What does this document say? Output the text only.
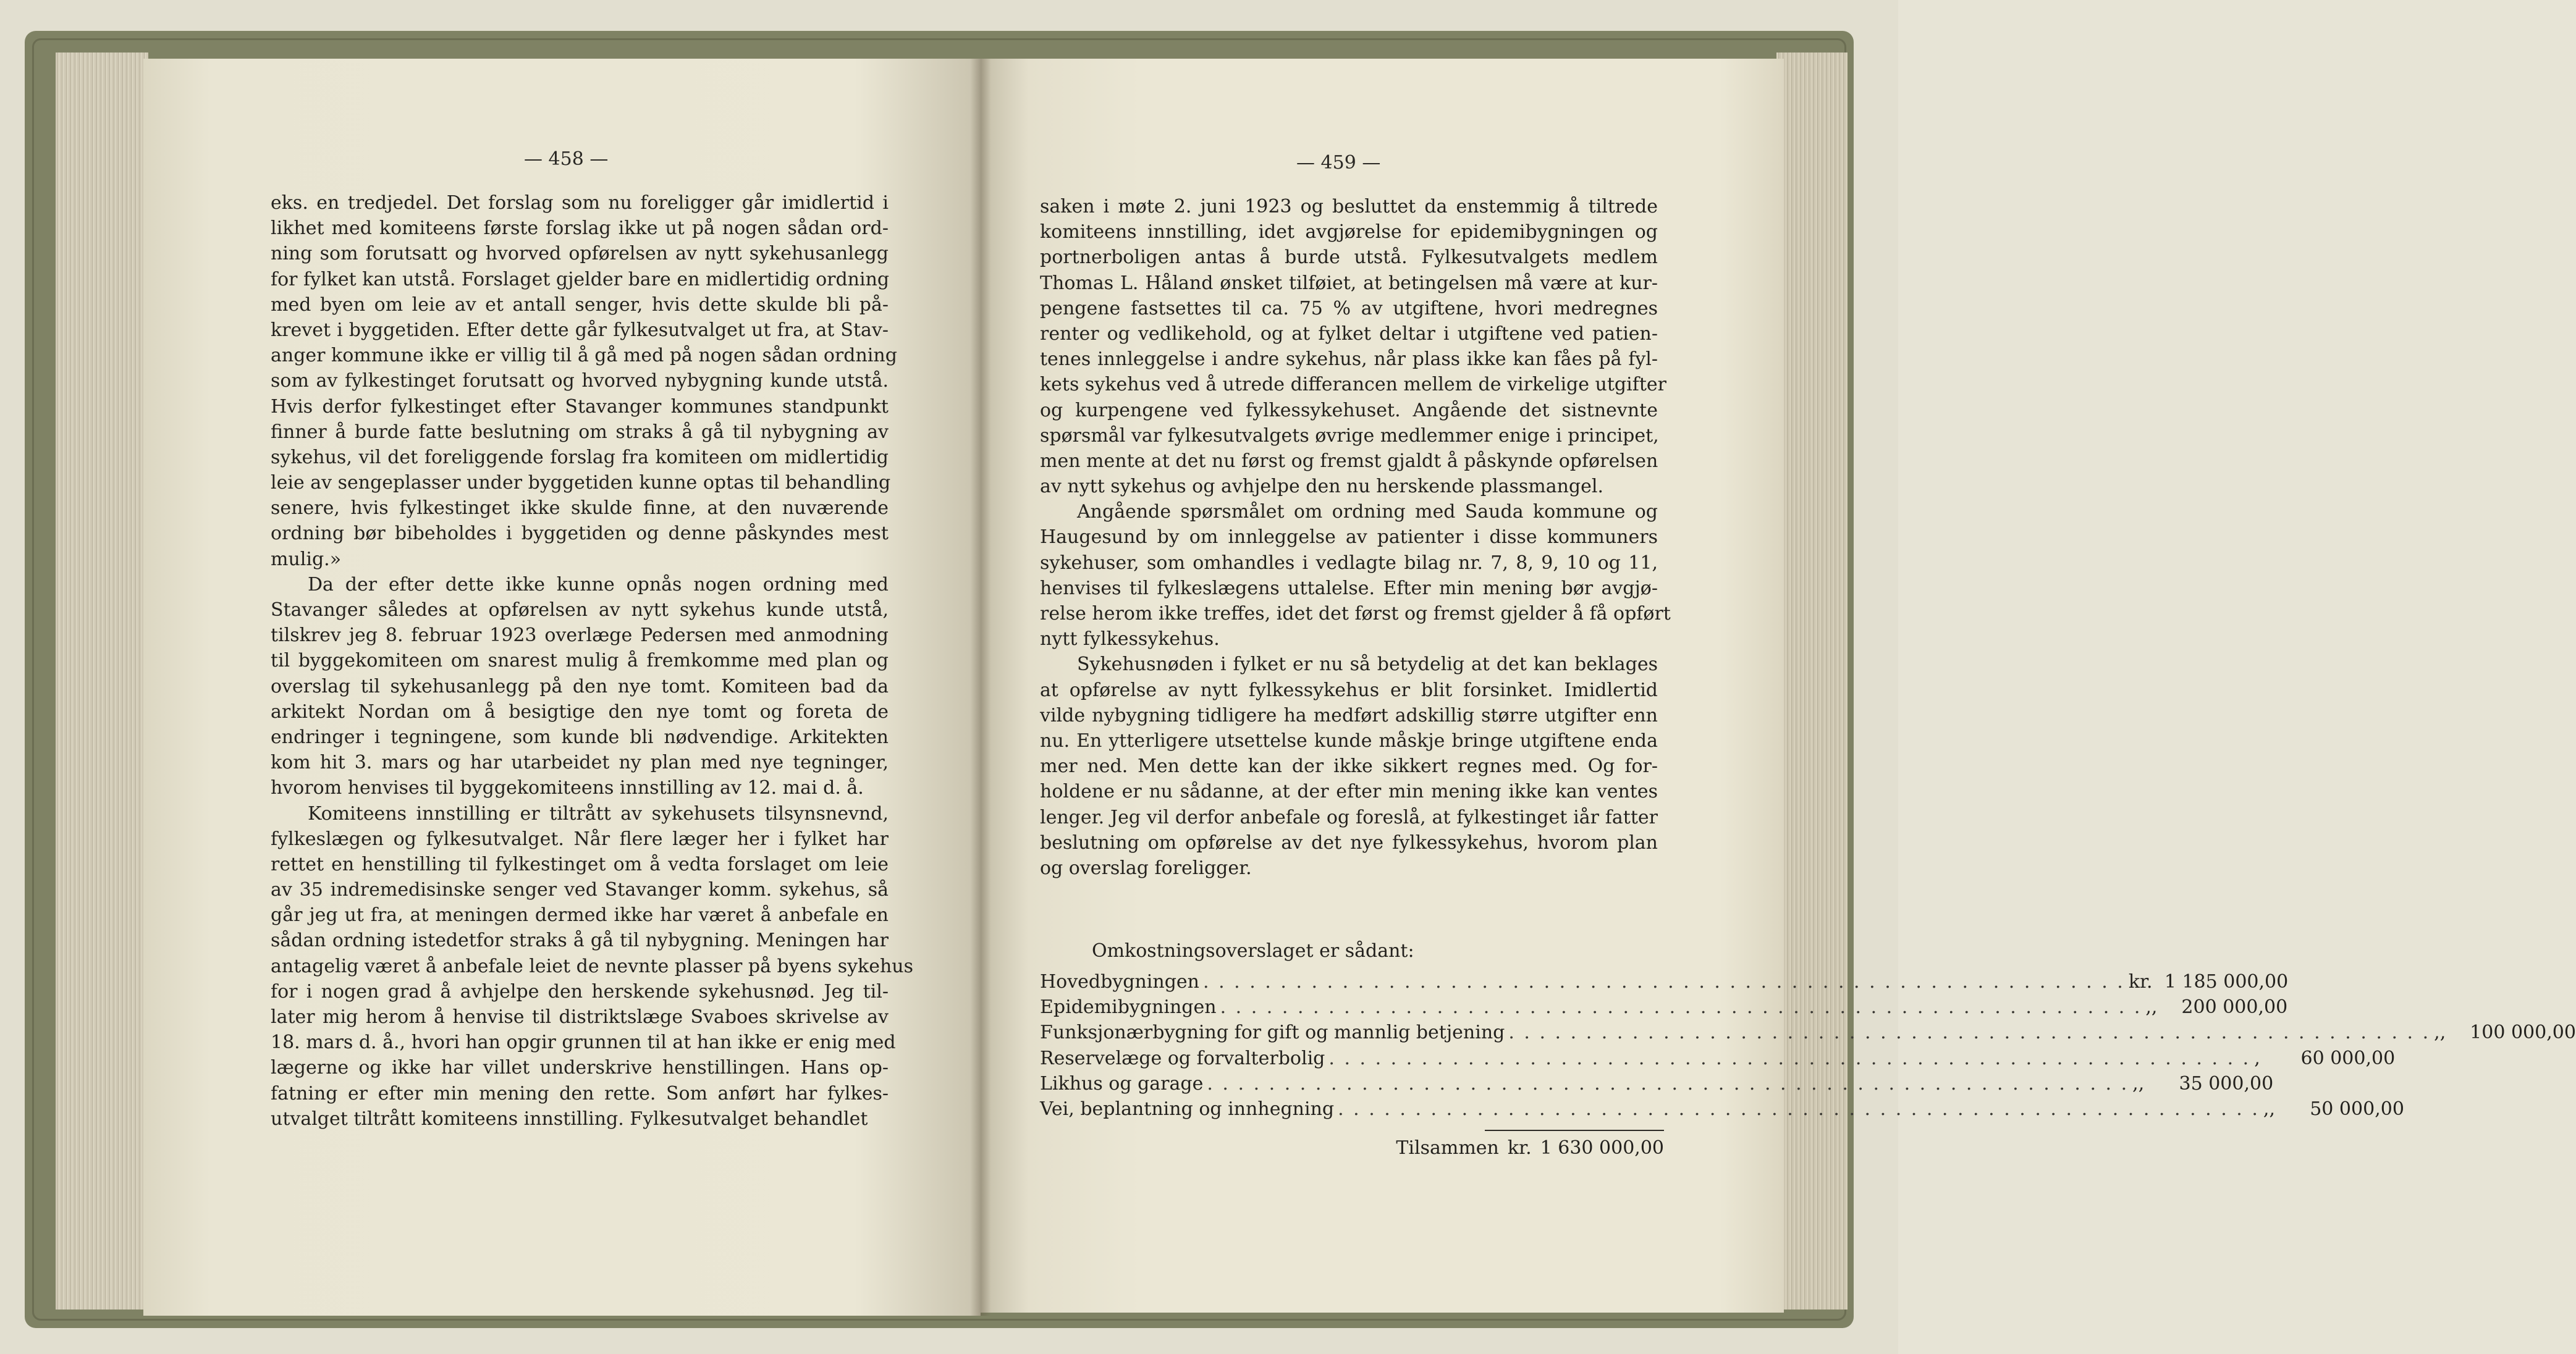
— 458 —	— 459 —
eks. en tredjedel. Det forslag som nu foreligger går imidlertid i
likhet med komiteens første forslag ikke ut på nogen sådan ord-
ning som forutsatt og hvorved opførelsen av nytt sykehusanlegg
for fylket kan utstå. Forslaget gjelder bare en midlertidig ordning
med byen om leie av et antall senger, hvis dette skulde bli på-
krevet i byggetiden. Efter dette går fylkesutvalget ut fra, at Stav-
anger kommune ikke er villig til å gå med på nogen sådan ordning
som av fylkestinget forutsatt og hvorved nybygning kunde utstå.
Hvis derfor fylkestinget efter Stavanger kommunes standpunkt
finner å burde fatte beslutning om straks å gå til nybygning av
sykehus, vil det foreliggende forslag fra komiteen om midlertidig
leie av sengeplasser under byggetiden kunne optas til behandling
senere, hvis fylkestinget ikke skulde finne, at den nuværende
ordning bør bibeholdes i byggetiden og denne påskyndes mest
mulig.»
Da der efter dette ikke kunne opnås nogen ordning med
Stavanger således at opførelsen av nytt sykehus kunde utstå,
tilskrev jeg 8. februar 1923 overlæge Pedersen med anmodning
til byggekomiteen om snarest mulig å fremkomme med plan og
overslag til sykehusanlegg på den nye tomt. Komiteen bad da
arkitekt Nordan om å besigtige den nye tomt og foreta de
endringer i tegningene, som kunde bli nødvendige. Arkitekten
kom hit 3. mars og har utarbeidet ny plan med nye tegninger,
hvorom henvises til byggekomiteens innstilling av 12. mai d. å.
Komiteens innstilling er tiltrått av sykehusets tilsynsnevnd,
fylkeslægen og fylkesutvalget. Når flere læger her i fylket har
rettet en henstilling til fylkestinget om å vedta forslaget om leie
av 35 indremedisinske senger ved Stavanger komm. sykehus, så
går jeg ut fra, at meningen dermed ikke har været å anbefale en
sådan ordning istedetfor straks å gå til nybygning. Meningen har
antagelig været å anbefale leiet de nevnte plasser på byens sykehus
for i nogen grad å avhjelpe den herskende sykehusnød. Jeg til-
later mig herom å henvise til distriktslæge Svaboes skrivelse av
18. mars d. å., hvori han opgir grunnen til at han ikke er enig med
lægerne og ikke har villet underskrive henstillingen. Hans op-
fatning er efter min mening den rette. Som anført har fylkes-
utvalget tiltrått komiteens innstilling. Fylkesutvalget behandlet
saken i møte 2. juni 1923 og besluttet da enstemmig å tiltrede
komiteens innstilling, idet avgjørelse for epidemibygningen og
portnerboligen antas å burde utstå. Fylkesutvalgets medlem
Thomas L. Håland ønsket tilføiet, at betingelsen må være at kur-
pengene fastsettes til ca. 75 % av utgiftene, hvori medregnes
renter og vedlikehold, og at fylket deltar i utgiftene ved patien-
tenes innleggelse i andre sykehus, når plass ikke kan fåes på fyl-
kets sykehus ved å utrede differancen mellem de virkelige utgifter
og kurpengene ved fylkessykehuset. Angående det sistnevnte
spørsmål var fylkesutvalgets øvrige medlemmer enige i principet,
men mente at det nu først og fremst gjaldt å påskynde opførelsen
av nytt sykehus og avhjelpe den nu herskende plassmangel.
Angående spørsmålet om ordning med Sauda kommune og
Haugesund by om innleggelse av patienter i disse kommuners
sykehuser, som omhandles i vedlagte bilag nr. 7, 8, 9, 10 og 11,
henvises til fylkeslægens uttalelse. Efter min mening bør avgjø-
relse herom ikke treffes, idet det først og fremst gjelder å få opført
nytt fylkessykehus.
Sykehusnøden i fylket er nu så betydelig at det kan beklages
at opførelse av nytt fylkessykehus er blit forsinket. Imidlertid
vilde nybygning tidligere ha medført adskillig større utgifter enn
nu. En ytterligere utsettelse kunde måskje bringe utgiftene enda
mer ned. Men dette kan der ikke sikkert regnes med. Og for-
holdene er nu sådanne, at der efter min mening ikke kan ventes
lenger. Jeg vil derfor anbefale og foreslå, at fylkestinget iår fatter
beslutning om opførelse av det nye fylkessykehus, hvorom plan
og overslag foreligger.
Omkostningsoverslaget er sådant:
Hovedbygningen . . . . . . . . . . . . . . . . . . . . . . . . . . . . . . . . . . . . . . . . . . . . . . . . . . . . . . . . . . . . kr. 1 185 000,00
Epidemibygningen . . . . . . . . . . . . . . . . . . . . . . . . . . . . . . . . . . . . . . . . . . . . . . . . . . . . . . . . . . . . ,,	200 000,00
Funksjonærbygning for gift og mannlig betjening . . . . . . . . . . . . . . . . . . . . . . . . . . . . . . . . . . . . . . . . . . . . . . . . . . . . . . . . . . . . ,,	100 000,00
Reservelæge og forvalterbolig . . . . . . . . . . . . . . . . . . . . . . . . . . . . . . . . . . . . . . . . . . . . . . . . . . . . . . . . . . . . ,	60 000,00
Likhus og garage . . . . . . . . . . . . . . . . . . . . . . . . . . . . . . . . . . . . . . . . . . . . . . . . . . . . . . . . . . . . ,,	35 000,00
Vei, beplantning og innhegning . . . . . . . . . . . . . . . . . . . . . . . . . . . . . . . . . . . . . . . . . . . . . . . . . . . . . . . . . . . . ,,	50 000,00
Tilsammen kr. 1 630 000,00
